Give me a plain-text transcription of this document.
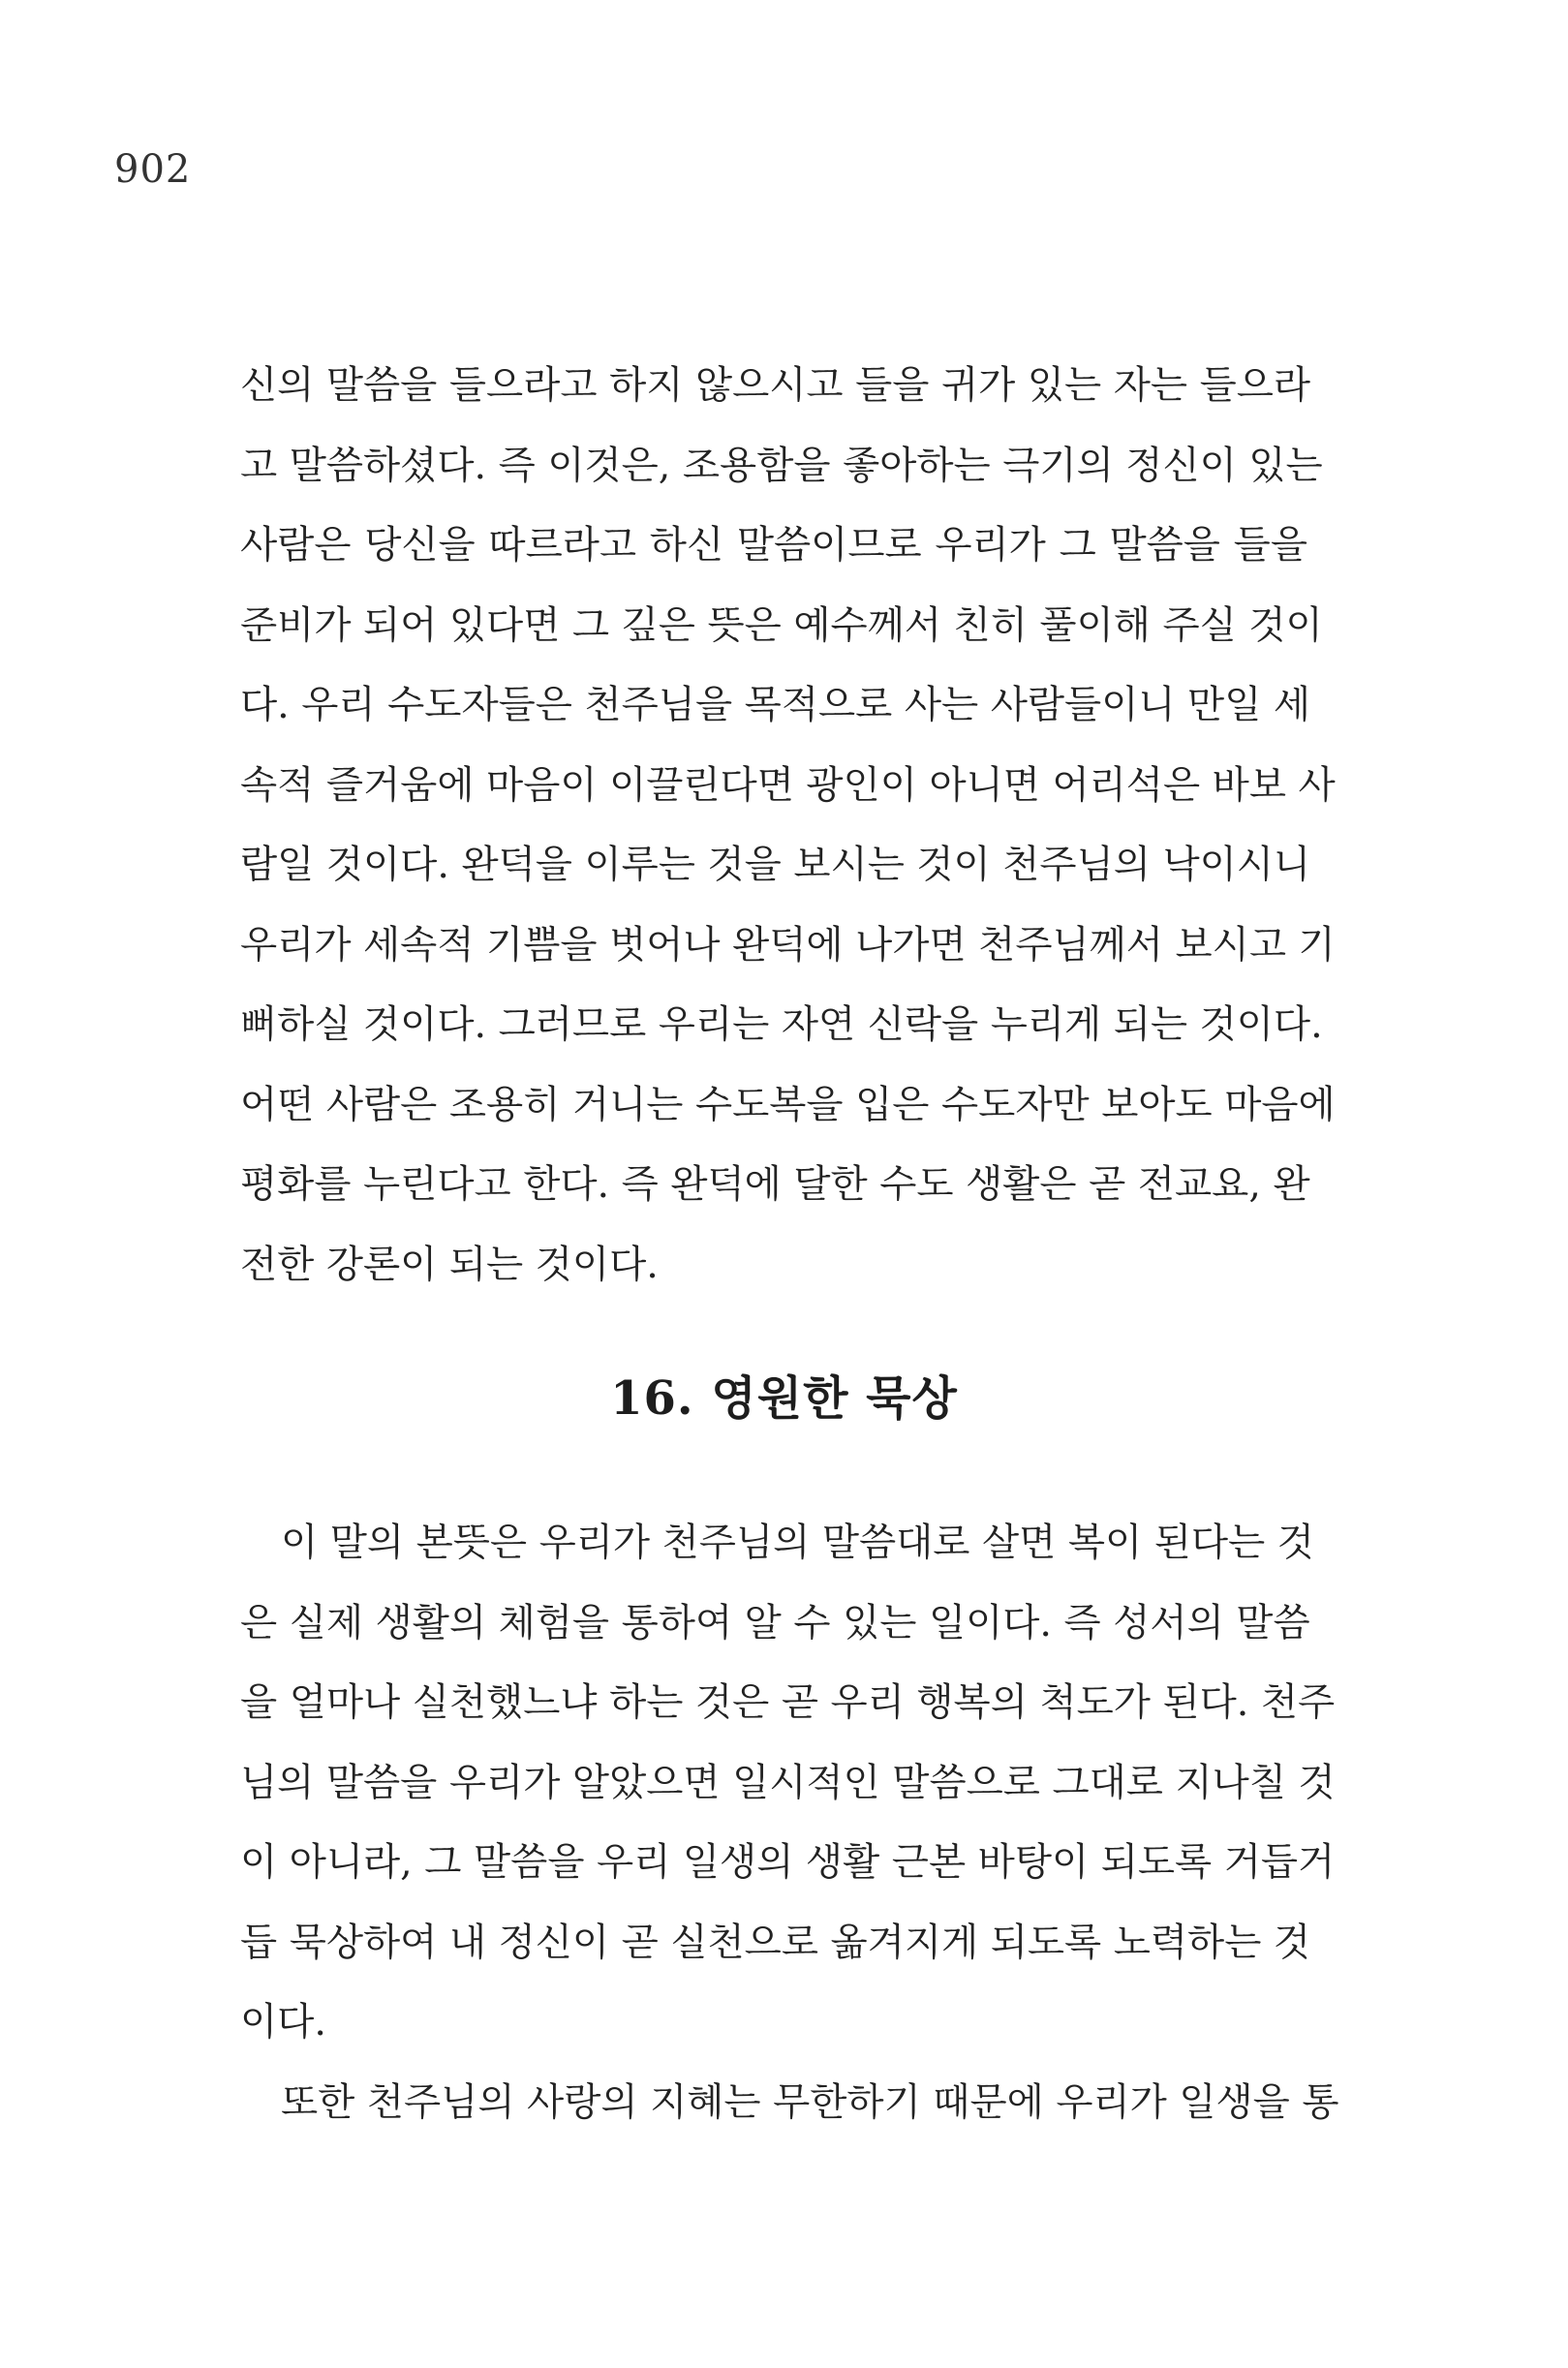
902
신의 말씀을 들으라고 하지 않으시고 들을 귀가 있는 자는 들으라
고 말씀하셨다. 즉 이것은, 조용함을 좋아하는 극기의 정신이 있는
사람은 당신을 따르라고 하신 말씀이므로 우리가 그 말씀을 들을
준비가 되어 있다면 그 깊은 뜻은 예수께서 친히 풀이해 주실 것이
다. 우리 수도자들은 천주님을 목적으로 사는 사람들이니 만일 세
속적 즐거움에 마음이 이끌린다면 광인이 아니면 어리석은 바보 사
람일 것이다. 완덕을 이루는 것을 보시는 것이 천주님의 낙이시니
우리가 세속적 기쁨을 벗어나 완덕에 나가면 천주님께서 보시고 기
뻐하실 것이다. 그러므로 우리는 자연 신락을 누리게 되는 것이다.
어떤 사람은 조용히 거니는 수도복을 입은 수도자만 보아도 마음에
평화를 누린다고 한다. 즉 완덕에 달한 수도 생활은 곧 전교요, 완
전한 강론이 되는 것이다.
16. 영원한 묵상
이 말의 본뜻은 우리가 천주님의 말씀대로 살면 복이 된다는 것
은 실제 생활의 체험을 통하여 알 수 있는 일이다. 즉 성서의 말씀
을 얼마나 실천했느냐 하는 것은 곧 우리 행복의 척도가 된다. 천주
님의 말씀을 우리가 알았으면 일시적인 말씀으로 그대로 지나칠 것
이 아니라, 그 말씀을 우리 일생의 생활 근본 바탕이 되도록 거듭거
듭 묵상하여 내 정신이 곧 실천으로 옮겨지게 되도록 노력하는 것
이다.
또한 천주님의 사랑의 지혜는 무한하기 때문에 우리가 일생을 통
